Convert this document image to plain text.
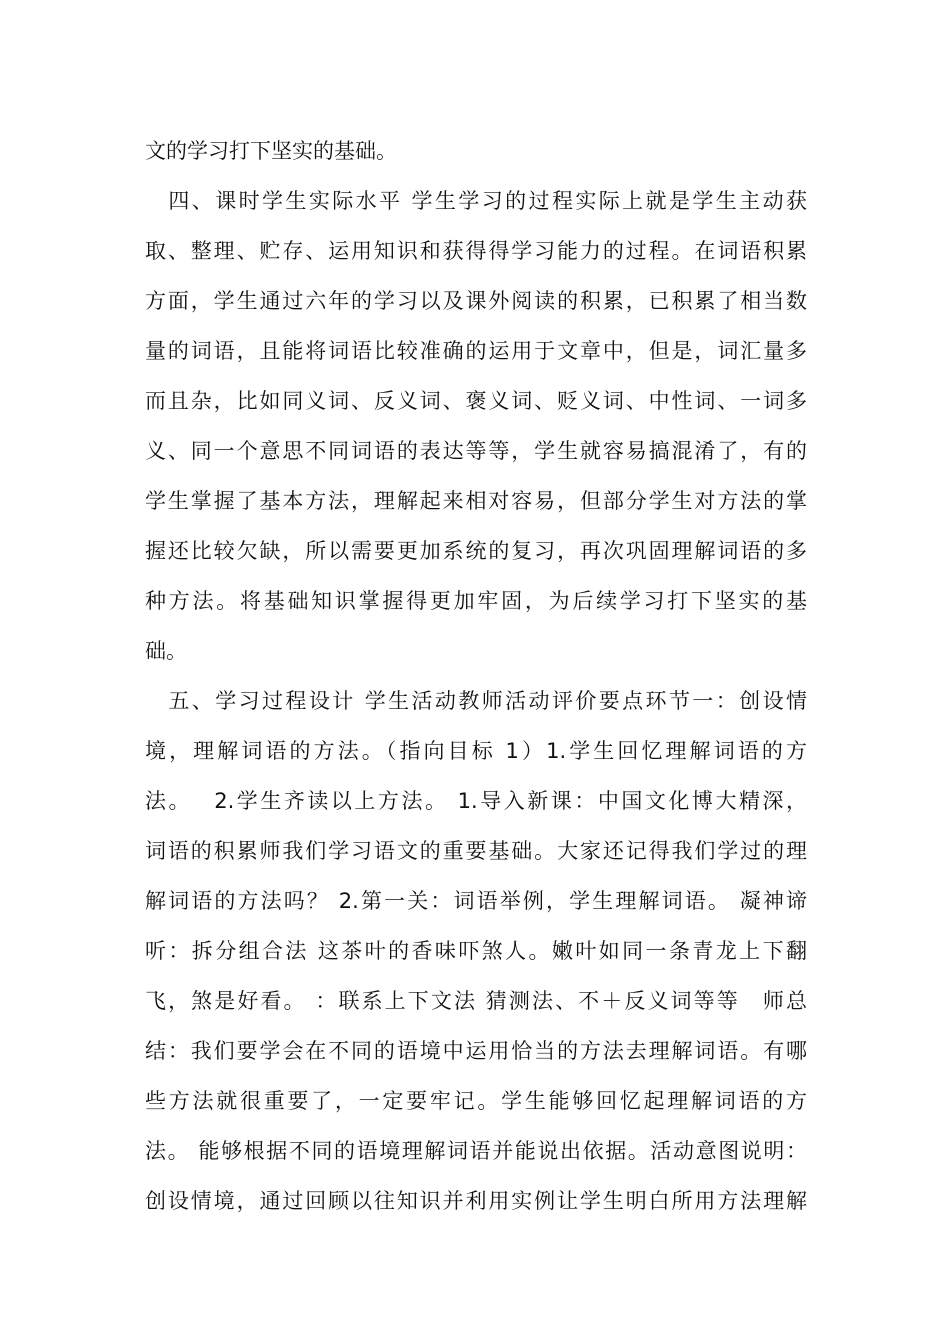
文的学习打下坚实的基础。
　四、课时学生实际水平 学生学习的过程实际上就是学生主动获
取、整理、贮存、运用知识和获得得学习能力的过程。在词语积累
方面，学生通过六年的学习以及课外阅读的积累，已积累了相当数
量的词语，且能将词语比较准确的运用于文章中，但是，词汇量多
而且杂，比如同义词、反义词、褒义词、贬义词、中性词、一词多
义、同一个意思不同词语的表达等等，学生就容易搞混淆了，有的
学生掌握了基本方法，理解起来相对容易，但部分学生对方法的掌
握还比较欠缺，所以需要更加系统的复习，再次巩固理解词语的多
种方法。将基础知识掌握得更加牢固，为后续学习打下坚实的基
础。
　五、学习过程设计 学生活动教师活动评价要点环节一：创设情
境，理解词语的方法。（指向目标 1）1.学生回忆理解词语的方
法。　 2.学生齐读以上方法。 1.导入新课：中国文化博大精深，
词语的积累师我们学习语文的重要基础。大家还记得我们学过的理
解词语的方法吗？ 2.第一关：词语举例，学生理解词语。 凝神谛
听：拆分组合法 这茶叶的香味吓煞人。嫩叶如同一条青龙上下翻
飞，煞是好看。 ：联系上下文法 猜测法、不＋反义词等等　师总
结：我们要学会在不同的语境中运用恰当的方法去理解词语。有哪
些方法就很重要了，一定要牢记。学生能够回忆起理解词语的方
法。 能够根据不同的语境理解词语并能说出依据。活动意图说明：
创设情境，通过回顾以往知识并利用实例让学生明白所用方法理解
